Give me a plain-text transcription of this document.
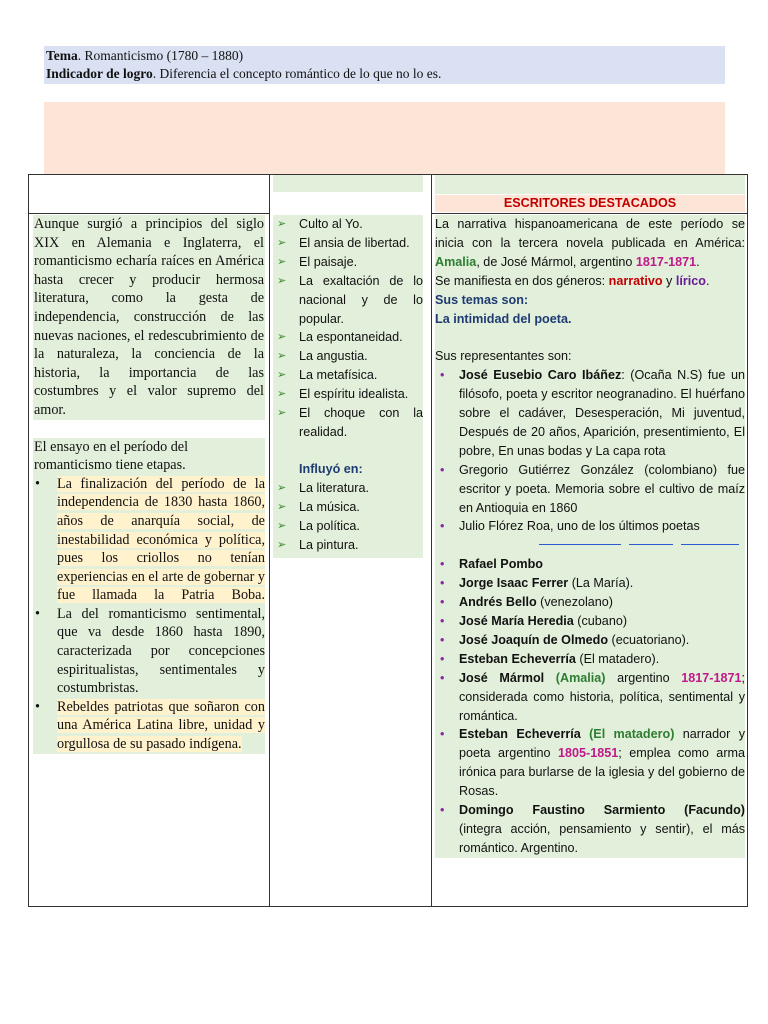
Tema. Romanticismo (1780 – 1880)
Indicador de logro. Diferencia el concepto romántico de lo que no lo es.

Aunque surgió a principios del siglo XIX en Alemania e Inglaterra, el romanticismo echaría raíces en América hasta crecer y producir hermosa literatura, como la gesta de independencia, construcción de las nuevas naciones, el redescubrimiento de la naturaleza, la conciencia de la historia, la importancia de las costumbres y el valor supremo del amor.

El ensayo en el período del romanticismo tiene etapas.

• La finalización del período de la independencia de 1830 hasta 1860, años de anarquía social, de inestabilidad económica y política, pues los criollos no tenían experiencias en el arte de gobernar y fue llamada la Patria Boba.
• La del romanticismo sentimental, que va desde 1860 hasta 1890, caracterizada por concepciones espiritualistas, sentimentales y costumbristas.
• Rebeldes patriotas que soñaron con una América Latina libre, unidad y orgullosa de su pasado indígena.
➢	Culto al Yo.
➢	El ansia de libertad.
➢	El paisaje.
➢	La exaltación de lo nacional y de lo popular.
➢	La espontaneidad.
➢	La angustia.
➢	La metafísica.
➢	El espíritu idealista.
➢	El choque con la realidad.
Influyó en:
➢	La literatura.
➢	La música.
➢	La política.
➢	La pintura.
ESCRITORES DESTACADOS

La narrativa hispanoamericana de este período se inicia con la tercera novela publicada en América: Amalia, de José Mármol, argentino 1817-1871.

Se manifiesta en dos géneros: narrativo y lírico.

Sus temas son:

La intimidad del poeta.

Sus representantes son:

• José Eusebio Caro Ibáñez: (Ocaña N.S) fue un filósofo, poeta y escritor neogranadino. El huérfano sobre el cadáver, Desesperación, Mi juventud, Después de 20 años, Aparición, presentimiento, El pobre, En unas bodas y La capa rota
• Gregorio Gutiérrez González (colombiano) fue escritor y poeta. Memoria sobre el cultivo de maíz en Antioquia en 1860
• Julio Flórez Roa, uno de los últimos poetas
• Rafael Pombo
• Jorge Isaac Ferrer (La María).
• Andrés Bello (venezolano)
• José María Heredia (cubano)
• José Joaquín de Olmedo (ecuatoriano).
• Esteban Echeverría (El matadero).
• José Mármol (Amalia) argentino 1817-1871; considerada como historia, política, sentimental y romántica.
• Esteban Echeverría (El matadero) narrador y poeta argentino 1805-1851; emplea como arma irónica para burlarse de la iglesia y del gobierno de Rosas.
• Domingo Faustino Sarmiento (Facundo) (integra acción, pensamiento y sentir), el más romántico. Argentino.
